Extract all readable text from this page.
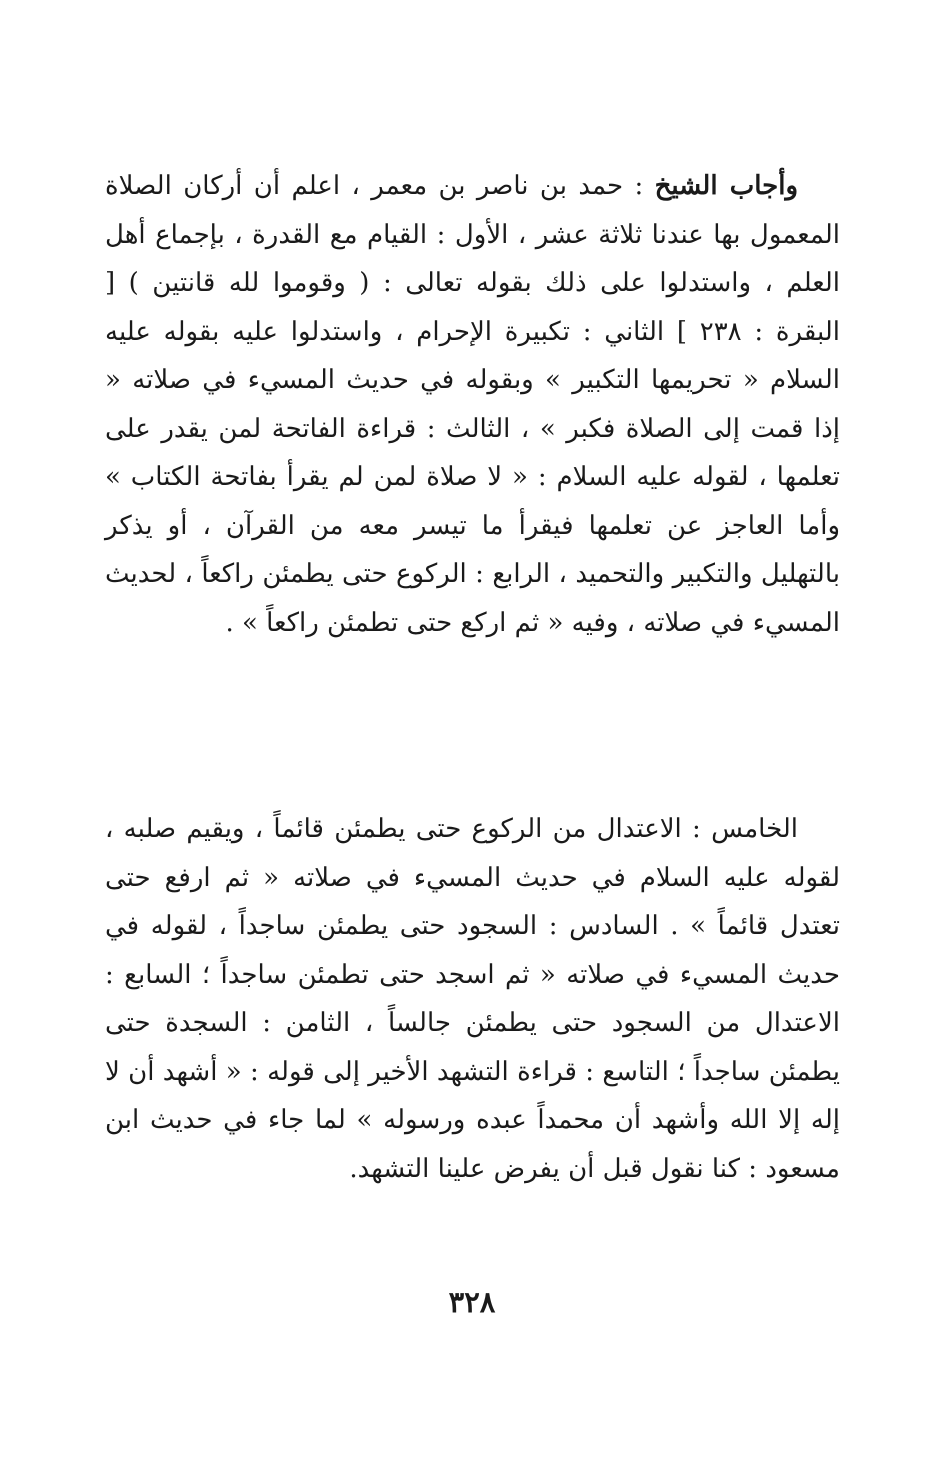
وأجاب الشيخ : حمد بن ناصر بن معمر ، اعلم أن أركان الصلاة المعمول بها عندنا ثلاثة عشر ، الأول : القيام مع القدرة ، بإجماع أهل العلم ، واستدلوا على ذلك بقوله تعالى : ( وقوموا لله قانتين ) [ البقرة : ٢٣٨ ] الثاني : تكبيرة الإحرام ، واستدلوا عليه بقوله عليه السلام « تحريمها التكبير » وبقوله في حديث المسيء في صلاته « إذا قمت إلى الصلاة فكبر » ، الثالث : قراءة الفاتحة لمن يقدر على تعلمها ، لقوله عليه السلام : « لا صلاة لمن لم يقرأ بفاتحة الكتاب » وأما العاجز عن تعلمها فيقرأ ما تيسر معه من القرآن ، أو يذكر بالتهليل والتكبير والتحميد ، الرابع : الركوع حتى يطمئن راكعاً ، لحديث المسيء في صلاته ، وفيه « ثم اركع حتى تطمئن راكعاً » .

الخامس : الاعتدال من الركوع حتى يطمئن قائماً ، ويقيم صلبه ، لقوله عليه السلام في حديث المسيء في صلاته « ثم ارفع حتى تعتدل قائماً » . السادس : السجود حتى يطمئن ساجداً ، لقوله في حديث المسيء في صلاته « ثم اسجد حتى تطمئن ساجداً ؛ السابع : الاعتدال من السجود حتى يطمئن جالساً ، الثامن : السجدة حتى يطمئن ساجداً ؛ التاسع : قراءة التشهد الأخير إلى قوله : « أشهد أن لا إله إلا الله وأشهد أن محمداً عبده ورسوله » لما جاء في حديث ابن مسعود : كنا نقول قبل أن يفرض علينا التشهد.

٣٢٨
